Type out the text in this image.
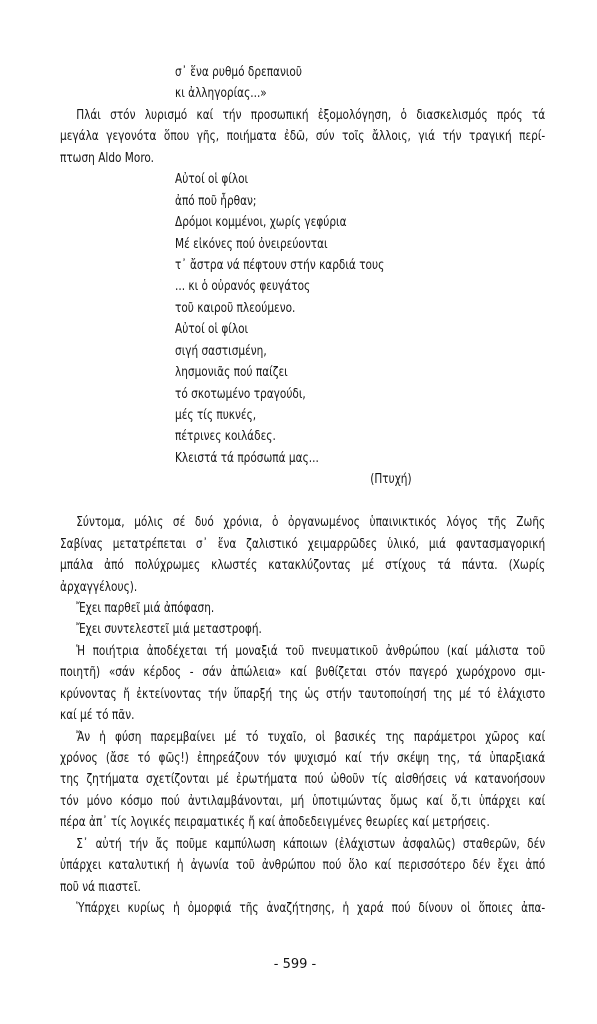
σ᾽ ἕνα ρυθμό δρεπανιοῦ
κι ἀλληγορίας...»
Πλάι στόν λυρισμό καί τήν προσωπική ἐξομολόγηση, ὁ διασκελισμός πρός τά
μεγάλα γεγονότα ὅπου γῆς, ποιήματα ἐδῶ, σύν τοῖς ἄλλοις, γιά τήν τραγική περί-
πτωση Aldo Moro.
Αὐτοί οἱ φίλοι
ἀπό ποῦ ἦρθαν;
Δρόμοι κομμένοι, χωρίς γεφύρια
Μέ εἰκόνες πού ὀνειρεύονται
τ᾽ ἄστρα νά πέφτουν στήν καρδιά τους
... κι ὁ οὐρανός φευγάτος
τοῦ καιροῦ πλεούμενο.
Αὐτοί οἱ φίλοι
σιγή σαστισμένη,
λησμονιᾶς πού παίζει
τό σκοτωμένο τραγούδι,
μές τίς πυκνές,
πέτρινες κοιλάδες.
Κλειστά τά πρόσωπά μας...
(Πτυχή)
Σύντομα, μόλις σέ δυό χρόνια, ὁ ὀργανωμένος ὑπαινικτικός λόγος τῆς Ζωῆς
Σαβίνας μετατρέπεται σ᾽ ἕνα ζαλιστικό χειμαρρῶδες ὑλικό, μιά φαντασμαγορική
μπάλα ἀπό πολύχρωμες κλωστές κατακλύζοντας μέ στίχους τά πάντα. (Χωρίς
ἀρχαγγέλους).
Ἔχει παρθεῖ μιά ἀπόφαση.
Ἔχει συντελεστεῖ μιά μεταστροφή.
Ἡ ποιήτρια ἀποδέχεται τή μοναξιά τοῦ πνευματικοῦ ἀνθρώπου (καί μάλιστα τοῦ
ποιητῆ) «σάν κέρδος - σάν ἀπώλεια» καί βυθίζεται στόν παγερό χωρόχρονο σμι-
κρύνοντας ἤ ἐκτείνοντας τήν ὕπαρξή της ὡς στήν ταυτοποίησή της μέ τό ἐλάχιστο
καί μέ τό πᾶν.
Ἄν ἡ φύση παρεμβαίνει μέ τό τυχαῖο, οἱ βασικές της παράμετροι χῶρος καί
χρόνος (ἄσε τό φῶς!) ἐπηρεάζουν τόν ψυχισμό καί τήν σκέψη της, τά ὑπαρξιακά
της ζητήματα σχετίζονται μέ ἐρωτήματα πού ὠθοῦν τίς αἰσθήσεις νά κατανοήσουν
τόν μόνο κόσμο πού ἀντιλαμβάνονται, μή ὑποτιμώντας ὅμως καί ὅ,τι ὑπάρχει καί
πέρα ἀπ᾽ τίς λογικές πειραματικές ἤ καί ἀποδεδειγμένες θεωρίες καί μετρήσεις.
Σ᾽ αὐτή τήν ἄς ποῦμε καμπύλωση κάποιων (ἐλάχιστων ἀσφαλῶς) σταθερῶν, δέν
ὑπάρχει καταλυτική ἡ ἀγωνία τοῦ ἀνθρώπου πού ὅλο καί περισσότερο δέν ἔχει ἀπό
ποῦ νά πιαστεῖ.
Ὑπάρχει κυρίως ἡ ὀμορφιά τῆς ἀναζήτησης, ἡ χαρά πού δίνουν οἱ ὅποιες ἀπα-
- 599 -
